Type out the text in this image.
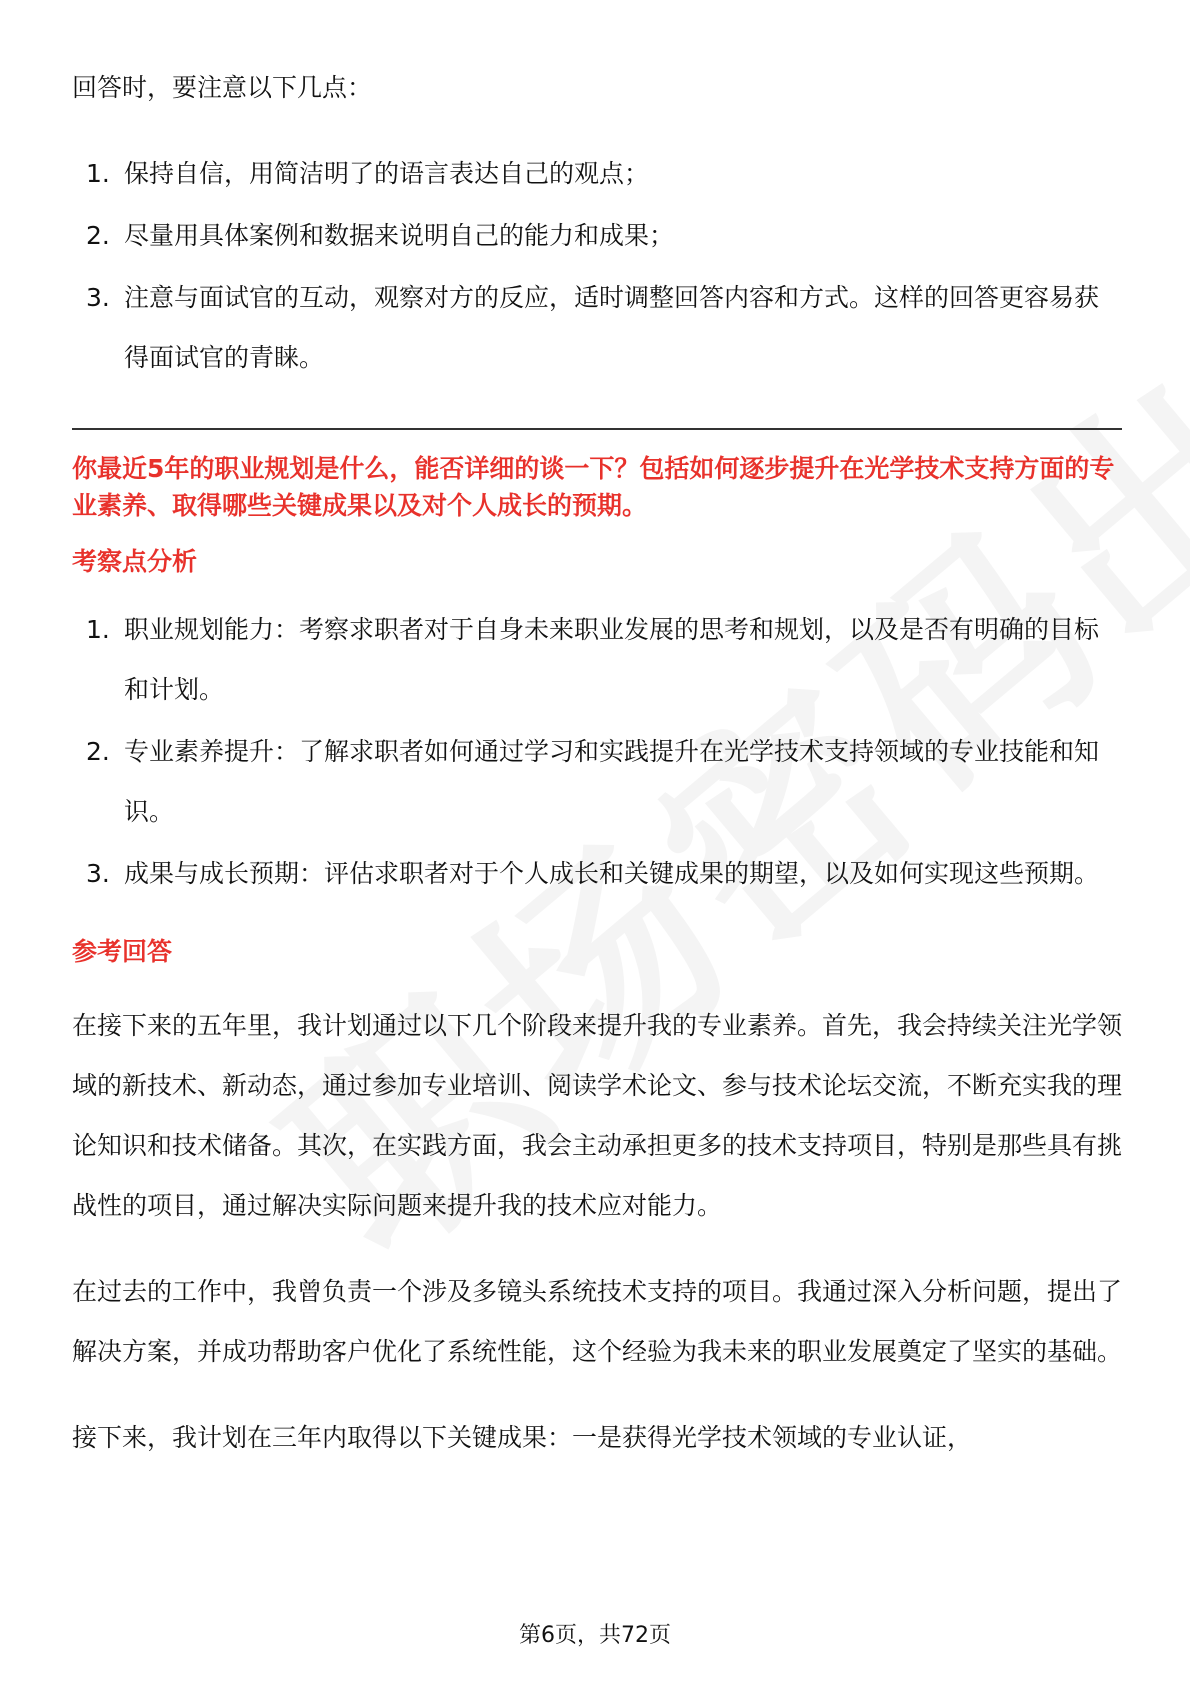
回答时，要注意以下几点：

1. 保持自信，用简洁明了的语言表达自己的观点；
2. 尽量用具体案例和数据来说明自己的能力和成果；
3. 注意与面试官的互动，观察对方的反应，适时调整回答内容和方式。这样的回答更容易获得面试官的青睐。
你最近5年的职业规划是什么，能否详细的谈一下？包括如何逐步提升在光学技术支持方面的专业素养、取得哪些关键成果以及对个人成长的预期。
考察点分析
1. 职业规划能力：考察求职者对于自身未来职业发展的思考和规划，以及是否有明确的目标和计划。
2. 专业素养提升：了解求职者如何通过学习和实践提升在光学技术支持领域的专业技能和知识。
3. 成果与成长预期：评估求职者对于个人成长和关键成果的期望，以及如何实现这些预期。
参考回答

在接下来的五年里，我计划通过以下几个阶段来提升我的专业素养。首先，我会持续关注光学领域的新技术、新动态，通过参加专业培训、阅读学术论文、参与技术论坛交流，不断充实我的理论知识和技术储备。其次，在实践方面，我会主动承担更多的技术支持项目，特别是那些具有挑战性的项目，通过解决实际问题来提升我的技术应对能力。

在过去的工作中，我曾负责一个涉及多镜头系统技术支持的项目。我通过深入分析问题，提出了解决方案，并成功帮助客户优化了系统性能，这个经验为我未来的职业发展奠定了坚实的基础。

接下来，我计划在三年内取得以下关键成果：一是获得光学技术领域的专业认证，

第6页，共72页
